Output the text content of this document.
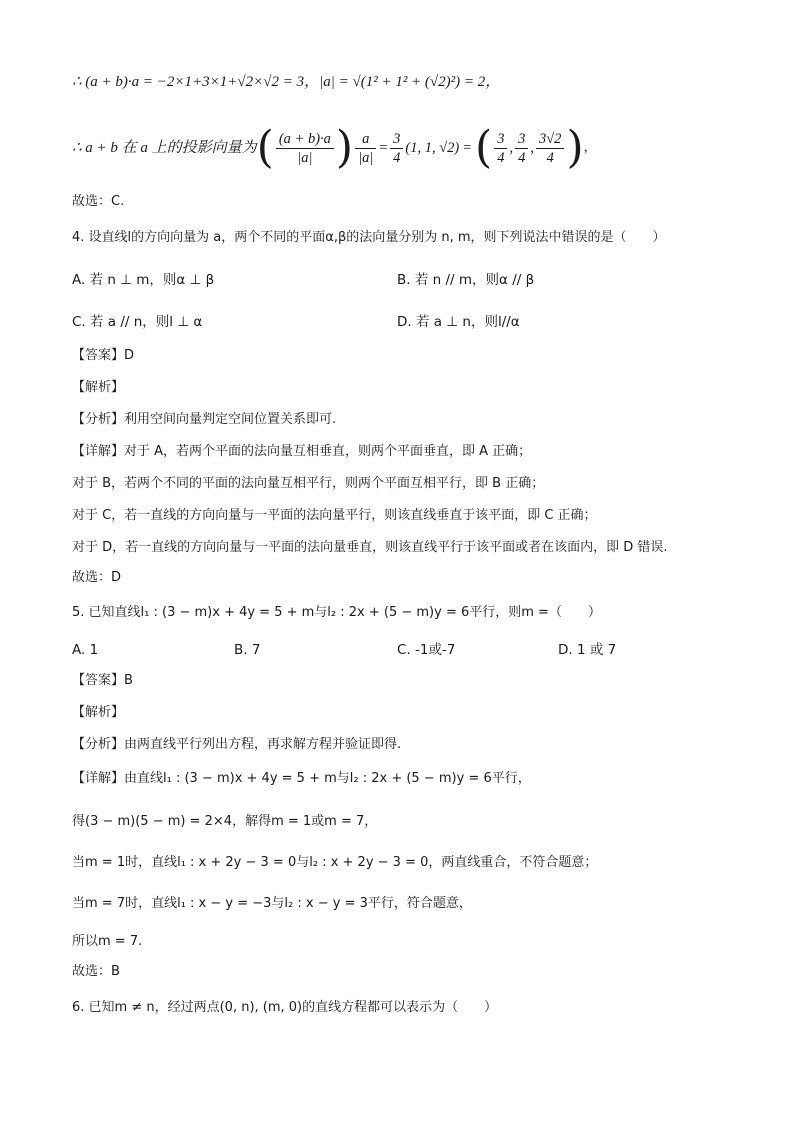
∴ (a + b)·a = −2×1+3×1+√2×√2 = 3，|a| = √(1² + 1² + (√2)²) = 2，
∴ a + b 在 a 上的投影向量为 ( $\frac{(a + b)\cdot a}{|a|}$ ) $\frac{a}{|a|} = \frac{3}{4} (1$, 1, √2) = ( $\frac{3}{4}$ , $\frac{3}{4}$ , $\frac{3√2}{4}$ ) ，
故选：C.
4. 设直线l的方向向量为 a，两个不同的平面α,β的法向量分别为 n, m，则下列说法中错误的是（　　）
A. 若 n ⊥ m，则α ⊥ β	B. 若 n // m，则α // β
C. 若 a // n，则l ⊥ α	D. 若 a ⊥ n，则l//α
【答案】D
【解析】
【分析】利用空间向量判定空间位置关系即可.
【详解】对于 A，若两个平面的法向量互相垂直，则两个平面垂直，即 A 正确；
对于 B，若两个不同的平面的法向量互相平行，则两个平面互相平行，即 B 正确；
对于 C，若一直线的方向向量与一平面的法向量平行，则该直线垂直于该平面，即 C 正确；
对于 D，若一直线的方向向量与一平面的法向量垂直，则该直线平行于该平面或者在该面内，即 D 错误.
故选：D
5. 已知直线l₁ : (3 − m)x + 4y = 5 + m与l₂ : 2x + (5 − m)y = 6平行，则m =（　　）
A. 1	B. 7	C. -1或-7	D. 1 或 7
【答案】B
【解析】
【分析】由两直线平行列出方程，再求解方程并验证即得.
【详解】由直线l₁ : (3 − m)x + 4y = 5 + m与l₂ : 2x + (5 − m)y = 6平行，
得(3 − m)(5 − m) = 2×4，解得m = 1或m = 7，
当m = 1时，直线l₁ : x + 2y − 3 = 0与l₂ : x + 2y − 3 = 0，两直线重合，不符合题意；
当m = 7时，直线l₁ : x − y = −3与l₂ : x − y = 3平行，符合题意，
所以m = 7.
故选：B
6. 已知m ≠ n，经过两点(0, n), (m, 0)的直线方程都可以表示为（　　）
